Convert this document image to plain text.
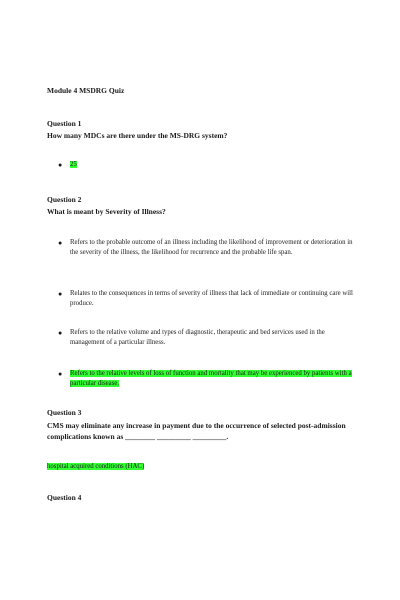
Module 4 MSDRG Quiz
Question 1
How many MDCs are there under the MS-DRG system?
● 25
Question 2
What is meant by Severity of Illness?
● Refers to the probable outcome of an illness including the likelihood of improvement or deterioration in the severity of the illness, the likelihood for recurrence and the probable life span.
● Relates to the consequences in terms of severity of illness that lack of immediate or continuing care will produce.
● Refers to the relative volume and types of diagnostic, therapeutic and bed services used in the management of a particular illness.
● Refers to the relative levels of loss of function and mortality that may be experienced by patients with a particular disease.
Question 3
CMS may eliminate any increase in payment due to the occurrence of selected post-admission complications known as ________ _________ _________.
hospital acquired conditions (HAC)
Question 4
